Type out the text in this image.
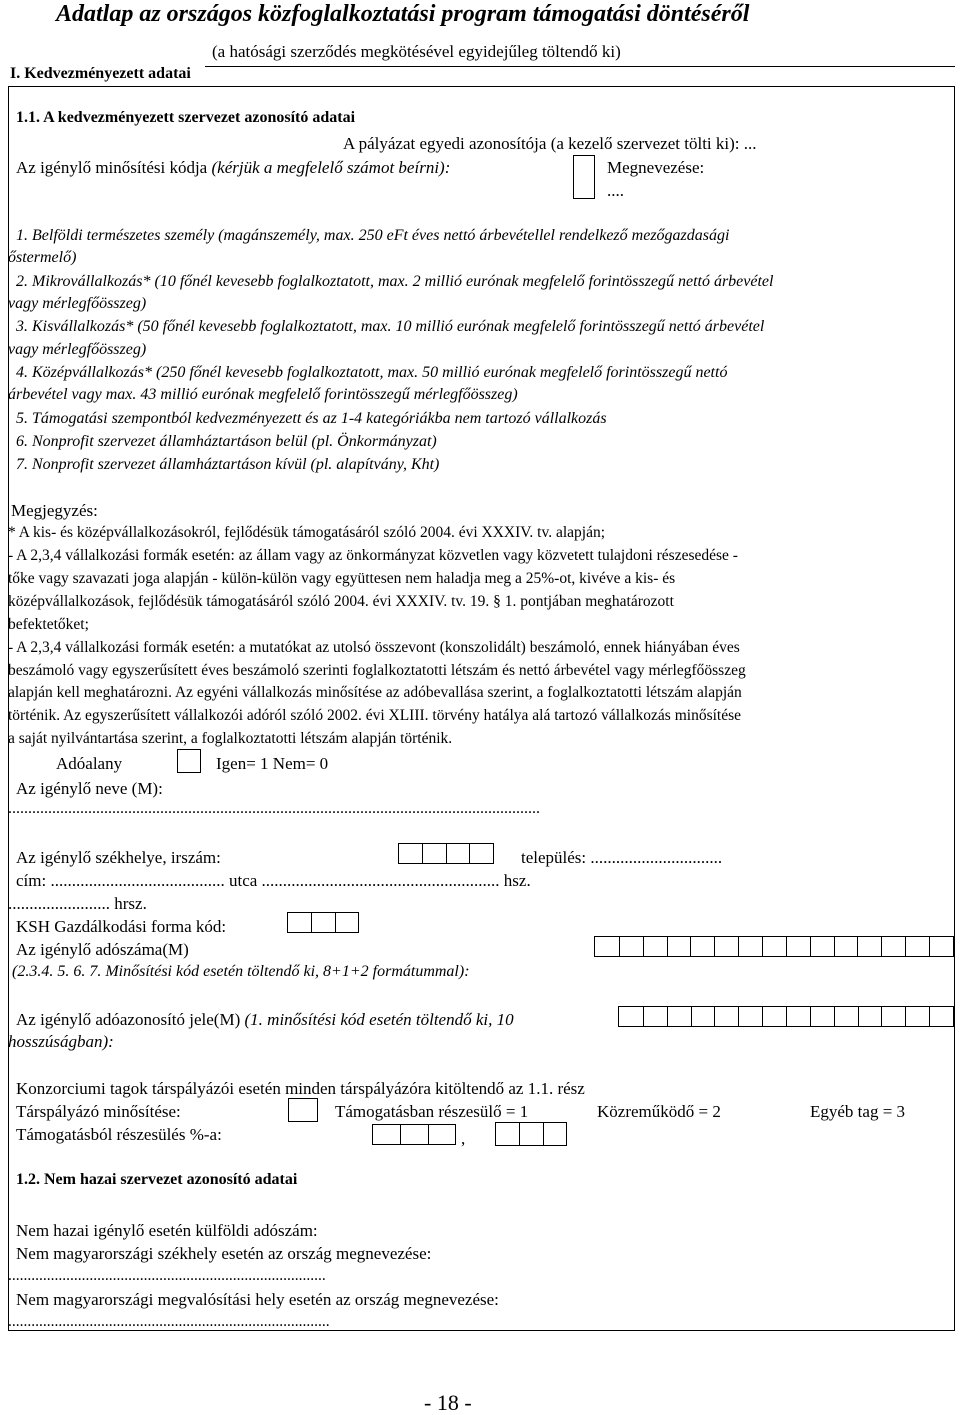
Adatlap az országos közfoglalkoztatási program támogatási döntéséről
(a hatósági szerződés megkötésével egyidejűleg töltendő ki)
I. Kedvezményezett adatai
1.1. A kedvezményezett szervezet azonosító adatai
A pályázat egyedi azonosítója (a kezelő szervezet tölti ki): ...
Az igénylő minősítési kódja (kérjük a megfelelő számot beírni):	Megnevezése:
....
1. Belföldi természetes személy (magánszemély, max. 250 eFt éves nettó árbevétellel rendelkező mezőgazdasági
őstermelő)
2. Mikrovállalkozás* (10 főnél kevesebb foglalkoztatott, max. 2 millió eurónak megfelelő forintösszegű nettó árbevétel
vagy mérlegfőösszeg)
3. Kisvállalkozás* (50 főnél kevesebb foglalkoztatott, max. 10 millió eurónak megfelelő forintösszegű nettó árbevétel
vagy mérlegfőösszeg)
4. Középvállalkozás* (250 főnél kevesebb foglalkoztatott, max. 50 millió eurónak megfelelő forintösszegű nettó
árbevétel vagy max. 43 millió eurónak megfelelő forintösszegű mérlegfőösszeg)
5. Támogatási szempontból kedvezményezett és az 1-4 kategóriákba nem tartozó vállalkozás
6. Nonprofit szervezet államháztartáson belül (pl. Önkormányzat)
7. Nonprofit szervezet államháztartáson kívül (pl. alapítvány, Kht)
Megjegyzés:
* A kis- és középvállalkozásokról, fejlődésük támogatásáról szóló 2004. évi XXXIV. tv. alapján;
- A 2,3,4 vállalkozási formák esetén: az állam vagy az önkormányzat közvetlen vagy közvetett tulajdoni részesedése -
tőke vagy szavazati joga alapján - külön-külön vagy együttesen nem haladja meg a 25%-ot, kivéve a kis- és
középvállalkozások, fejlődésük támogatásáról szóló 2004. évi XXXIV. tv. 19. § 1. pontjában meghatározott
befektetőket;
- A 2,3,4 vállalkozási formák esetén: a mutatókat az utolsó összevont (konszolidált) beszámoló, ennek hiányában éves
beszámoló vagy egyszerűsített éves beszámoló szerinti foglalkoztatotti létszám és nettó árbevétel vagy mérlegfőösszeg
alapján kell meghatározni. Az egyéni vállalkozás minősítése az adóbevallása szerint, a foglalkoztatotti létszám alapján
történik. Az egyszerűsített vállalkozói adóról szóló 2002. évi XLIII. törvény hatálya alá tartozó vállalkozás minősítése
a saját nyilvántartása szerint, a foglalkoztatotti létszám alapján történik.
Adóalany	Igen= 1 Nem= 0
Az igénylő neve (M):
.....................................................................................................................................
Az igénylő székhelye, irszám:	település: ...............................
cím: ......................................... utca ........................................................ hsz.
........................ hrsz.
KSH Gazdálkodási forma kód:
Az igénylő adószáma(M)
(2.3.4. 5. 6. 7. Minősítési kód esetén töltendő ki, 8+1+2 formátummal):
Az igénylő adóazonosító jele(M) (1. minősítési kód esetén töltendő ki, 10
hosszúságban):
Konzorciumi tagok társpályázói esetén minden társpályázóra kitöltendő az 1.1. rész
Társpályázó minősítése:	Támogatásban részesülő = 1	Közreműködő = 2	Egyéb tag = 3
Támogatásból részesülés %-a:	,
1.2. Nem hazai szervezet azonosító adatai
Nem hazai igénylő esetén külföldi adószám:
Nem magyarországi székhely esetén az ország megnevezése:
..................................................................................
Nem magyarországi megvalósítási hely esetén az ország megnevezése:
...................................................................................
- 18 -
